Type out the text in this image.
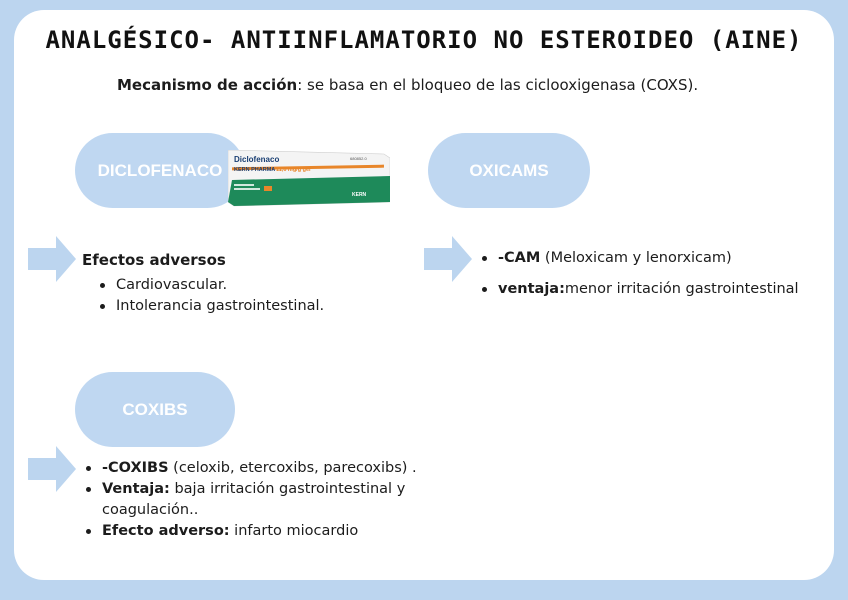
ANALGÉSICO- ANTIINFLAMATORIO NO ESTEROIDEO (AINE)
Mecanismo de acción: se basa en el bloqueo de las ciclooxigenasa (COXS).
DICLOFENACO
Diclofenaco
KERN PHARMA 11,6 mg/g gel
680852.0
KERN
OXICAMS
COXIBS
Efectos adversos
Cardiovascular.
Intolerancia gastrointestinal.
-CAM (Meloxicam y lenorxicam)
ventaja:menor irritación gastrointestinal
-COXIBS (celoxib, etercoxibs, parecoxibs) .
Ventaja: baja irritación gastrointestinal y coagulación..
Efecto adverso: infarto miocardio
